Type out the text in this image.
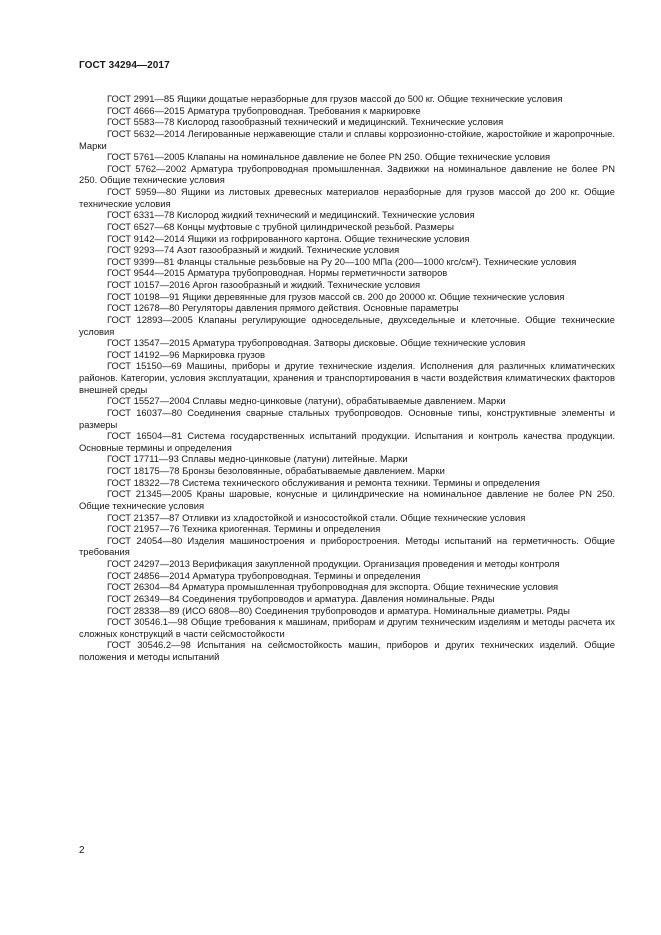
ГОСТ 34294—2017

ГОСТ 2991—85 Ящики дощатые неразборные для грузов массой до 500 кг. Общие технические условия

ГОСТ 4666—2015 Арматура трубопроводная. Требования к маркировке

ГОСТ 5583—78 Кислород газообразный технический и медицинский. Технические условия

ГОСТ 5632—2014 Легированные нержавеющие стали и сплавы коррозионно-стойкие, жаростойкие и жаропрочные. Марки

ГОСТ 5761—2005 Клапаны на номинальное давление не более PN 250. Общие технические условия

ГОСТ 5762—2002 Арматура трубопроводная промышленная. Задвижки на номинальное давление не более PN 250. Общие технические условия

ГОСТ 5959—80 Ящики из листовых древесных материалов неразборные для грузов массой до 200 кг. Общие технические условия

ГОСТ 6331—78 Кислород жидкий технический и медицинский. Технические условия

ГОСТ 6527—68 Концы муфтовые с трубной цилиндрической резьбой. Размеры

ГОСТ 9142—2014 Ящики из гофрированного картона. Общие технические условия

ГОСТ 9293—74 Азот газообразный и жидкий. Технические условия

ГОСТ 9399—81 Фланцы стальные резьбовые на Ру 20—100 МПа (200—1000 кгс/см²). Технические условия

ГОСТ 9544—2015 Арматура трубопроводная. Нормы герметичности затворов

ГОСТ 10157—2016 Аргон газообразный и жидкий. Технические условия

ГОСТ 10198—91 Ящики деревянные для грузов массой св. 200 до 20000 кг. Общие технические условия

ГОСТ 12678—80 Регуляторы давления прямого действия. Основные параметры

ГОСТ 12893—2005 Клапаны регулирующие односедельные, двухседельные и клеточные. Общие технические условия

ГОСТ 13547—2015 Арматура трубопроводная. Затворы дисковые. Общие технические условия

ГОСТ 14192—96 Маркировка грузов

ГОСТ 15150—69 Машины, приборы и другие технические изделия. Исполнения для различных климатических районов. Категории, условия эксплуатации, хранения и транспортирования в части воздействия климатических факторов внешней среды

ГОСТ 15527—2004 Сплавы медно-цинковые (латуни), обрабатываемые давлением. Марки

ГОСТ 16037—80 Соединения сварные стальных трубопроводов. Основные типы, конструктивные элементы и размеры

ГОСТ 16504—81 Система государственных испытаний продукции. Испытания и контроль качества продукции. Основные термины и определения

ГОСТ 17711—93 Сплавы медно-цинковые (латуни) литейные. Марки

ГОСТ 18175—78 Бронзы безоловянные, обрабатываемые давлением. Марки

ГОСТ 18322—78 Система технического обслуживания и ремонта техники. Термины и определения

ГОСТ 21345—2005 Краны шаровые, конусные и цилиндрические на номинальное давление не более PN 250. Общие технические условия

ГОСТ 21357—87 Отливки из хладостойкой и износостойкой стали. Общие технические условия

ГОСТ 21957—76 Техника криогенная. Термины и определения

ГОСТ 24054—80 Изделия машиностроения и приборостроения. Методы испытаний на герметичность. Общие требования

ГОСТ 24297—2013 Верификация закупленной продукции. Организация проведения и методы контроля

ГОСТ 24856—2014 Арматура трубопроводная. Термины и определения

ГОСТ 26304—84 Арматура промышленная трубопроводная для экспорта. Общие технические условия

ГОСТ 26349—84 Соединения трубопроводов и арматура. Давления номинальные. Ряды

ГОСТ 28338—89 (ИСО 6808—80) Соединения трубопроводов и арматура. Номинальные диаметры. Ряды

ГОСТ 30546.1—98 Общие требования к машинам, приборам и другим техническим изделиям и методы расчета их сложных конструкций в части сейсмостойкости

ГОСТ 30546.2—98 Испытания на сейсмостойкость машин, приборов и других технических изделий. Общие положения и методы испытаний

2
